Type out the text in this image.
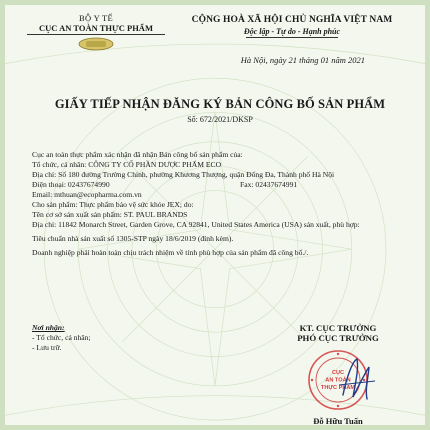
BỘ Y TẾ
CỤC AN TOÀN THỰC PHẨM
CỘNG HOÀ XÃ HỘI CHỦ NGHĨA VIỆT NAM
Độc lập - Tự do - Hạnh phúc
Hà Nội, ngày 21 tháng 01 năm 2021
GIẤY TIẾP NHẬN ĐĂNG KÝ BẢN CÔNG BỐ SẢN PHẨM
Số: 672/2021/DKSP
Cục an toàn thực phẩm xác nhận đã nhận Bản công bố sản phẩm của:
Tổ chức, cá nhân: CÔNG TY CỔ PHẦN DƯỢC PHẨM ECO
Địa chỉ: Số 180 đường Trường Chinh, phường Khương Thượng, quận Đống Đa, Thành phố Hà Nội
Điện thoại: 02437674990	Fax: 02437674991
Email: mthuan@ecopharma.com.vn
Cho sản phẩm: Thực phẩm bảo vệ sức khỏe JEX; do:
Tên cơ sở sản xuất sản phẩm: ST. PAUL BRANDS
Địa chỉ: 11842 Monarch Street, Garden Grove, CA 92841, United States America (USA) sản xuất, phù hợp:
Tiêu chuẩn nhà sản xuất số 1305-STP ngày 18/6/2019 (đính kèm).
Doanh nghiệp phải hoàn toàn chịu trách nhiệm về tính phù hợp của sản phẩm đã công bố./.
Nơi nhận:
- Tổ chức, cá nhân;
- Lưu trữ.
KT. CỤC TRƯỞNG
PHÓ CỤC TRƯỞNG
CỤC
AN TOÀN
THỰC PHẨM
Đỗ Hữu Tuấn
